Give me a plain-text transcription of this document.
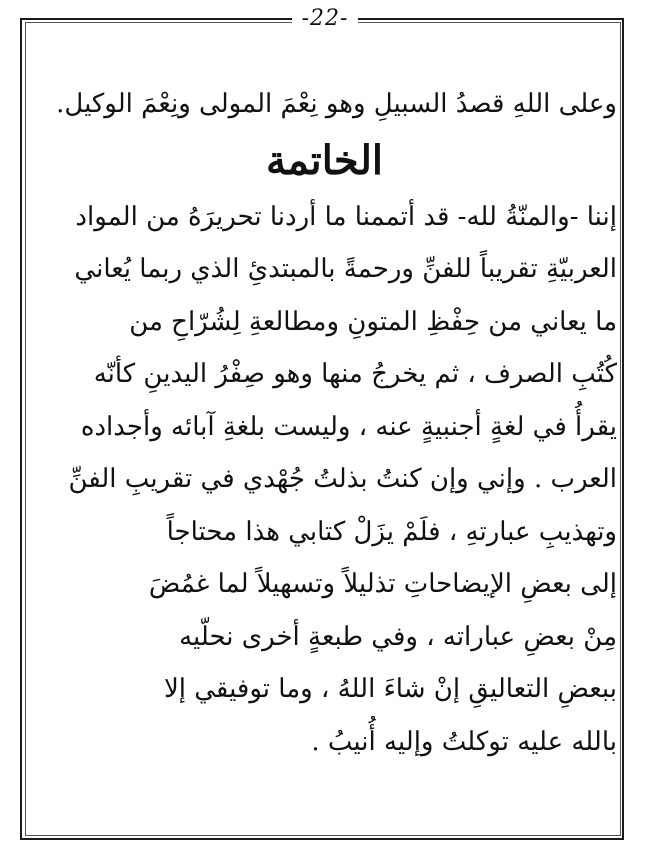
-22-
وعلى اللهِ قصدُ السبيلِ وهو نِعْمَ المولى ونِعْمَ الوكيل.
الخاتمة
إننا -والمنّةُ لله- قد أتممنا ما أردنا تحريرَهُ من المواد
العربيّةِ تقريباً للفنِّ ورحمةً بالمبتدئِ الذي ربما يُعاني
ما يعاني من حِفْظِ المتونِ ومطالعةِ لِشُرّاحِ من
كُتُبِ الصرف ، ثم يخرجُ منها وهو صِفْرُ اليدينِ كأنّه
يقرأُ في لغةٍ أجنبيةٍ عنه ، وليست بلغةِ آبائه وأجداده
العرب . وإني وإن كنتُ بذلتُ جُهْدي في تقريبِ الفنِّ
وتهذيبِ عبارتهِ ، فلَمْ يزَلْ كتابي هذا محتاجاً
إلى بعضِ الإيضاحاتِ تذليلاً وتسهيلاً لما غمُضَ
مِنْ بعضِ عباراته ، وفي طبعةٍ أخرى نحلّيه
ببعضِ التعاليقِ إنْ شاءَ اللهُ ، وما توفيقي إلا
بالله عليه توكلتُ وإليه أُنيبُ .
